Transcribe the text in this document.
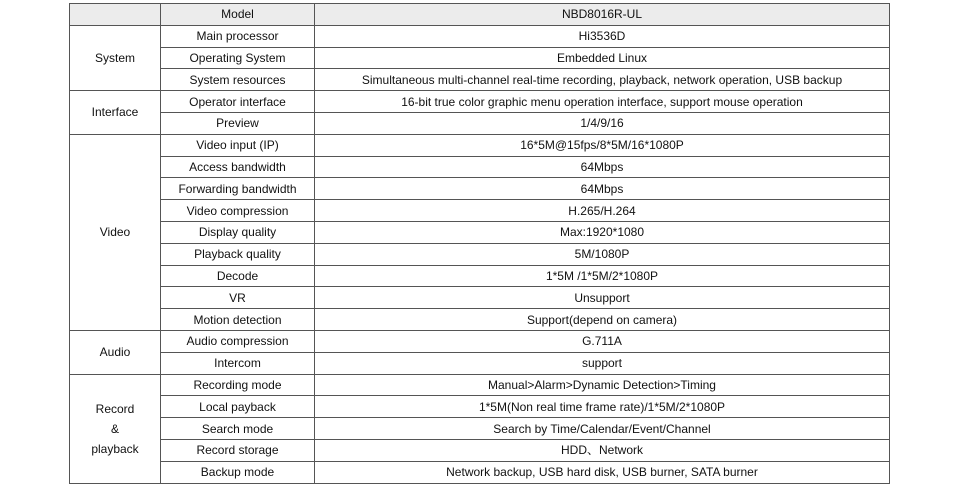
	Model	NBD8016R-UL
System	Main processor	Hi3536D
	Operating System	Embedded Linux
	System resources	Simultaneous multi-channel real-time recording, playback, network operation, USB backup
Interface	Operator interface	16-bit true color graphic menu operation interface, support mouse operation
	Preview	1/4/9/16
Video	Video input (IP)	16*5M@15fps/8*5M/16*1080P
	Access bandwidth	64Mbps
	Forwarding bandwidth	64Mbps
	Video compression	H.265/H.264
	Display quality	Max:1920*1080
	Playback quality	5M/1080P
	Decode	1*5M /1*5M/2*1080P
	VR	Unsupport
	Motion detection	Support(depend on camera)
Audio	Audio compression	G.711A
	Intercom	support

Record
&
playback	Recording mode	Manual>Alarm>Dynamic Detection>Timing
	Local payback	1*5M(Non real time frame rate)/1*5M/2*1080P
	Search mode	Search by Time/Calendar/Event/Channel
	Record storage	HDD、Network
	Backup mode	Network backup, USB hard disk, USB burner, SATA burner
